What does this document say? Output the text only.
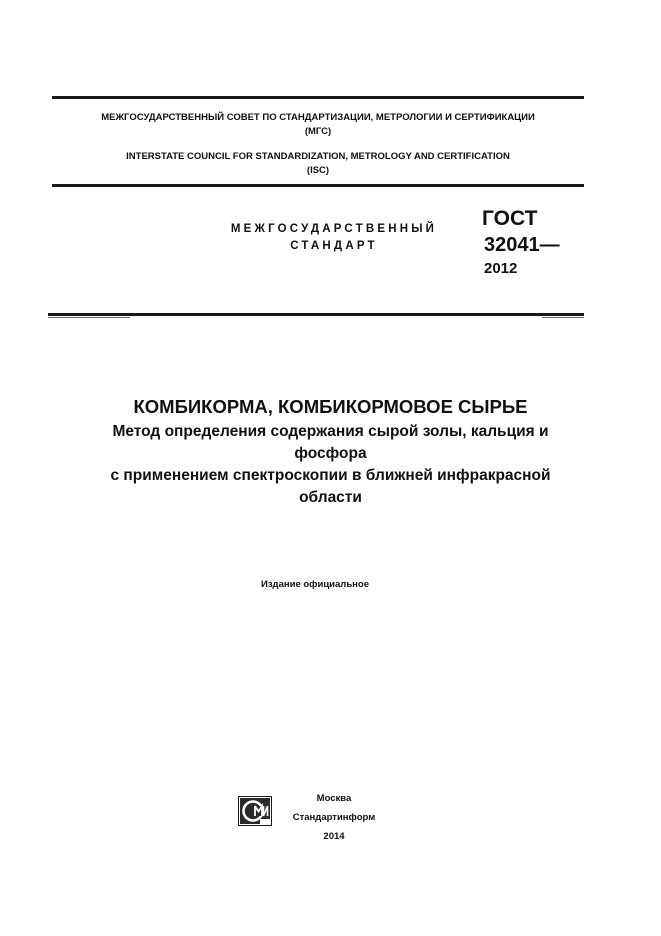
МЕЖГОСУДАРСТВЕННЫЙ СОВЕТ ПО СТАНДАРТИЗАЦИИ, МЕТРОЛОГИИ И СЕРТИФИКАЦИИ
(МГС)
INTERSTATE COUNCIL FOR STANDARDIZATION, METROLOGY AND CERTIFICATION
(ISC)
МЕЖГОСУДАРСТВЕННЫЙ
СТАНДАРТ
ГОСТ
32041—
2012
КОМБИКОРМА, КОМБИКОРМОВОЕ СЫРЬЕ
Метод определения содержания сырой золы, кальция и
фосфора
с применением спектроскопии в ближней инфракрасной
области
Издание официальное
Москва
Стандартинформ
2014
